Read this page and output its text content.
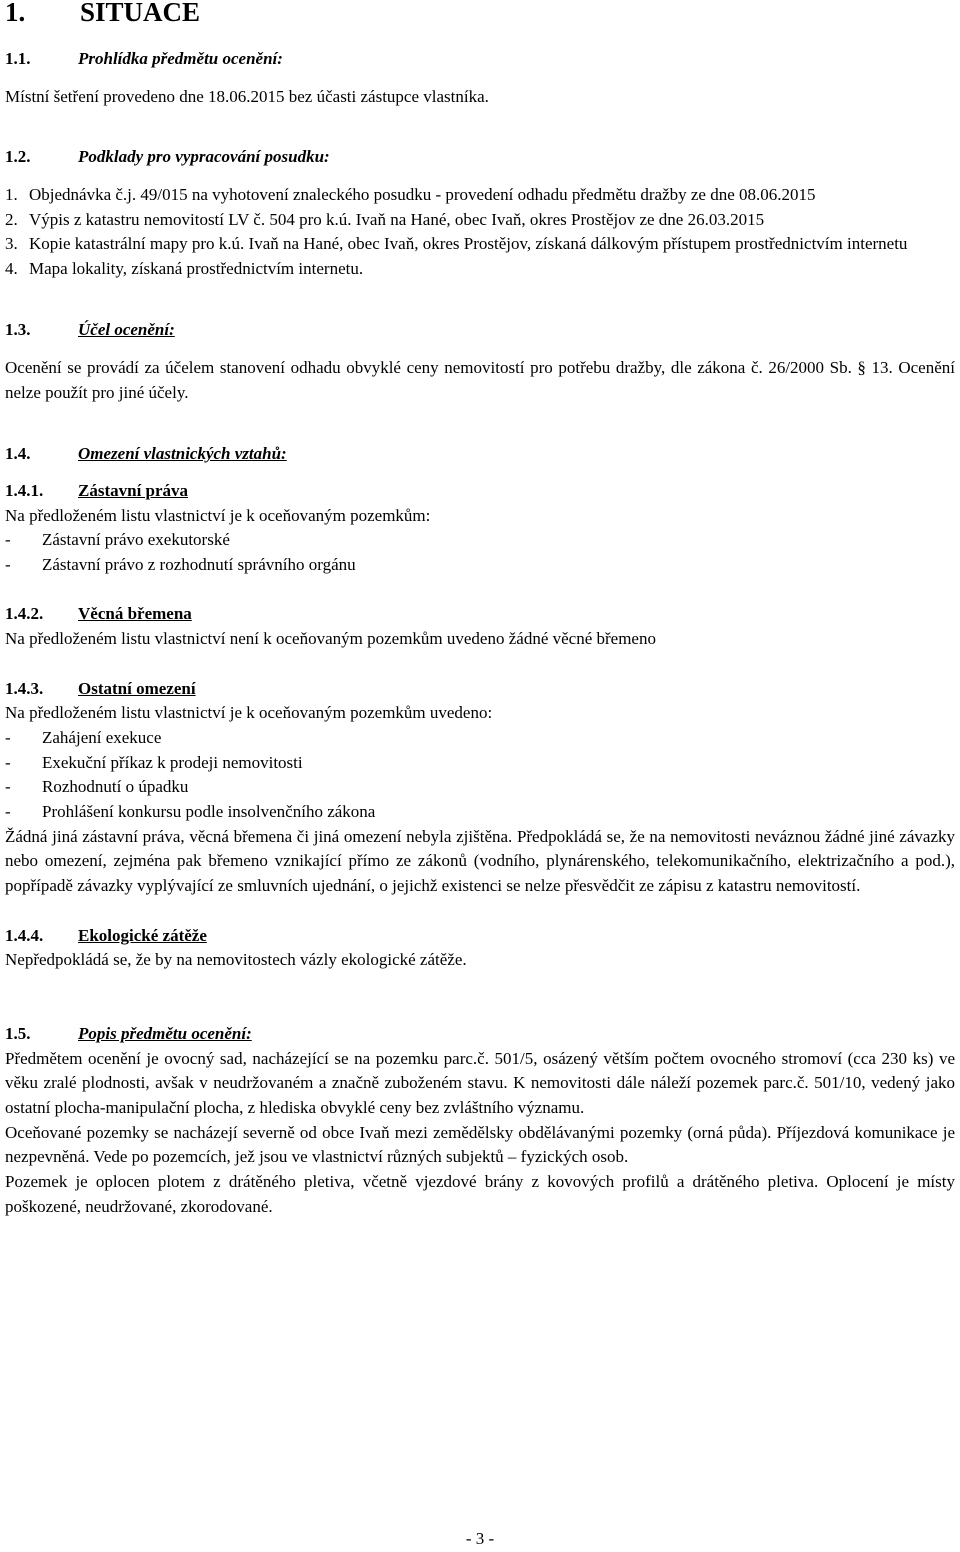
1. SITUACE
1.1.	Prohlídka předmětu ocenění:

Místní šetření provedeno dne 18.06.2015 bez účasti zástupce vlastníka.

1.2.	Podklady pro vypracování posudku:
1. Objednávka č.j. 49/015 na vyhotovení znaleckého posudku - provedení odhadu předmětu dražby ze dne 08.06.2015
2. Výpis z katastru nemovitostí LV č. 504 pro k.ú. Ivaň na Hané, obec Ivaň, okres Prostějov ze dne 26.03.2015
3. Kopie katastrální mapy pro k.ú. Ivaň na Hané, obec Ivaň, okres Prostějov, získaná dálkovým přístupem prostřednictvím internetu
4. Mapa lokality, získaná prostřednictvím internetu.
1.3.	Účel ocenění:

Ocenění se provádí za účelem stanovení odhadu obvyklé ceny nemovitostí pro potřebu dražby, dle zákona č. 26/2000 Sb. § 13. Ocenění nelze použít pro jiné účely.

1.4.	Omezení vlastnických vztahů:
1.4.1.	Zástavní práva

Na předloženém listu vlastnictví je k oceňovaným pozemkům:

-	Zástavní právo exekutorské
-	Zástavní právo z rozhodnutí správního orgánu
1.4.2.	Věcná břemena

Na předloženém listu vlastnictví není k oceňovaným pozemkům uvedeno žádné věcné břemeno

1.4.3.	Ostatní omezení

Na předloženém listu vlastnictví je k oceňovaným pozemkům uvedeno:

-	Zahájení exekuce
-	Exekuční příkaz k prodeji nemovitosti
-	Rozhodnutí o úpadku
-	Prohlášení konkursu podle insolvenčního zákona

Žádná jiná zástavní práva, věcná břemena či jiná omezení nebyla zjištěna. Předpokládá se, že na nemovitosti neváznou žádné jiné závazky nebo omezení, zejména pak břemeno vznikající přímo ze zákonů (vodního, plynárenského, telekomunikačního, elektrizačního a pod.), popřípadě závazky vyplývající ze smluvních ujednání, o jejichž existenci se nelze přesvědčit ze zápisu z katastru nemovitostí.

1.4.4.	Ekologické zátěže

Nepředpokládá se, že by na nemovitostech vázly ekologické zátěže.

1.5.	Popis předmětu ocenění:

Předmětem ocenění je ovocný sad, nacházející se na pozemku parc.č. 501/5, osázený větším počtem ovocného stromoví (cca 230 ks) ve věku zralé plodnosti, avšak v neudržovaném a značně zuboženém stavu. K nemovitosti dále náleží pozemek parc.č. 501/10, vedený jako ostatní plocha-manipulační plocha, z hlediska obvyklé ceny bez zvláštního významu.

Oceňované pozemky se nacházejí severně od obce Ivaň mezi zemědělsky obdělávanými pozemky (orná půda). Příjezdová komunikace je nezpevněná. Vede po pozemcích, jež jsou ve vlastnictví různých subjektů – fyzických osob.

Pozemek je oplocen plotem z drátěného pletiva, včetně vjezdové brány z kovových profilů a drátěného pletiva. Oplocení je místy poškozené, neudržované, zkorodované.

- 3 -
